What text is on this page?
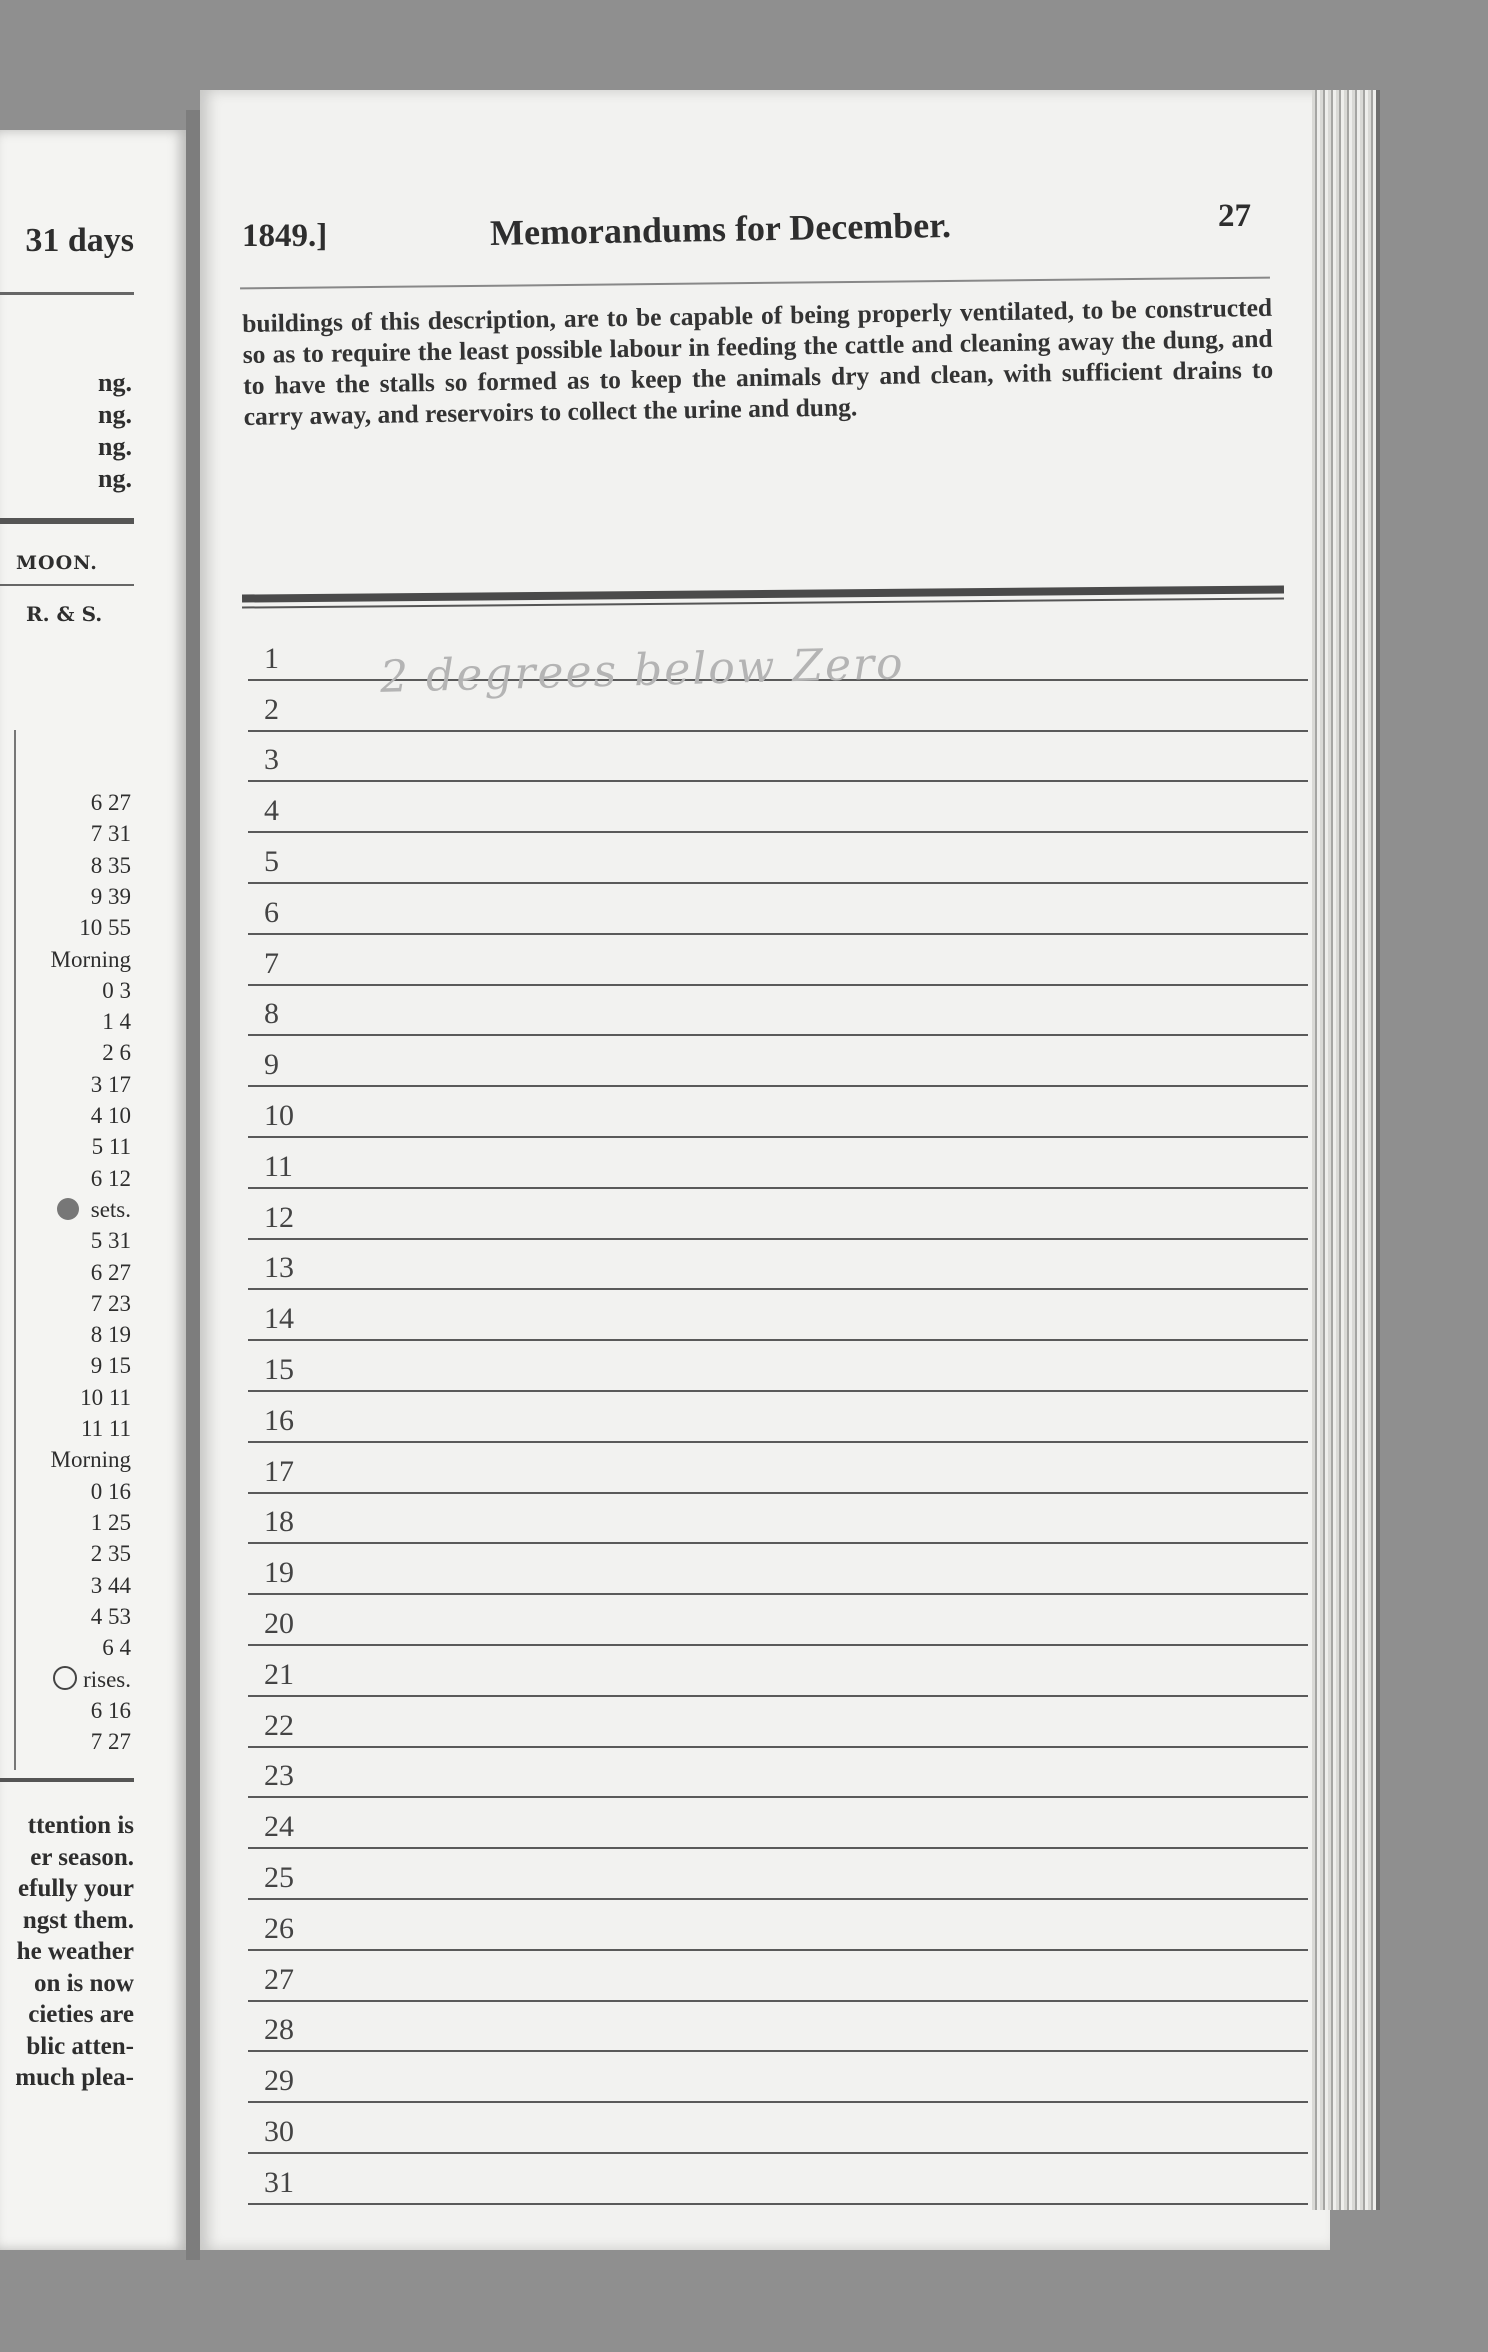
31 days
ng.
ng.
ng.
ng.
MOON.
R. & S.
6 27
7 31
8 35
9 39
10 55
Morning
0 3
1 4
2 6
3 17
4 10
5 11
6 12
sets.
5 31
6 27
7 23
8 19
9 15
10 11
11 11
Morning
0 16
1 25
2 35
3 44
4 53
6 4
rises.
6 16
7 27
ttention is
er season.
efully your
ngst them.
he weather
on is now
cieties are
blic atten-
much plea-
1849.]	Memorandums for December.	27
buildings of this description, are to be capable of being properly ventilated, to be constructed so as to require the least possible labour in feeding the cattle and cleaning away the dung, and to have the stalls so formed as to keep the animals dry and clean, with sufficient drains to carry away, and reservoirs to collect the urine and dung.
1
2
3
4
5
6
7
8
9
10
11
12
13
14
15
16
17
18
19
20
21
22
23
24
25
26
27
28
29
30
31
2 degrees below Zero
